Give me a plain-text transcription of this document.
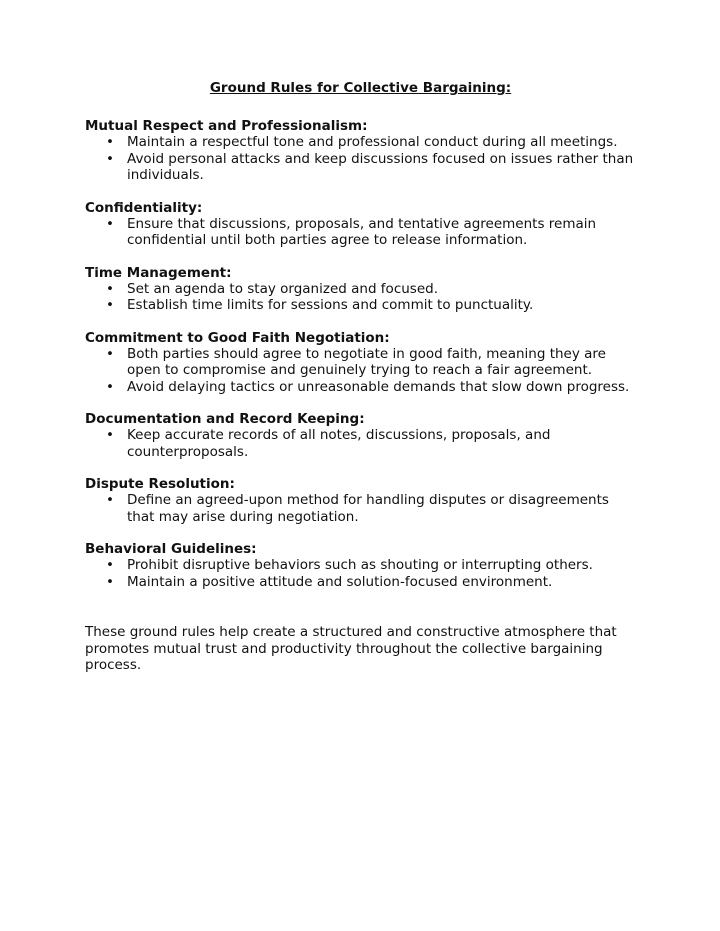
Ground Rules for Collective Bargaining:
Mutual Respect and Professionalism:
• Maintain a respectful tone and professional conduct during all meetings.
• Avoid personal attacks and keep discussions focused on issues rather than individuals.
Confidentiality:
• Ensure that discussions, proposals, and tentative agreements remain confidential until both parties agree to release information.
Time Management:
• Set an agenda to stay organized and focused.
• Establish time limits for sessions and commit to punctuality.
Commitment to Good Faith Negotiation:
• Both parties should agree to negotiate in good faith, meaning they are open to compromise and genuinely trying to reach a fair agreement.
• Avoid delaying tactics or unreasonable demands that slow down progress.
Documentation and Record Keeping:
• Keep accurate records of all notes, discussions, proposals, and counterproposals.
Dispute Resolution:
• Define an agreed-upon method for handling disputes or disagreements that may arise during negotiation.
Behavioral Guidelines:
• Prohibit disruptive behaviors such as shouting or interrupting others.
• Maintain a positive attitude and solution-focused environment.
These ground rules help create a structured and constructive atmosphere that promotes mutual trust and productivity throughout the collective bargaining process.
